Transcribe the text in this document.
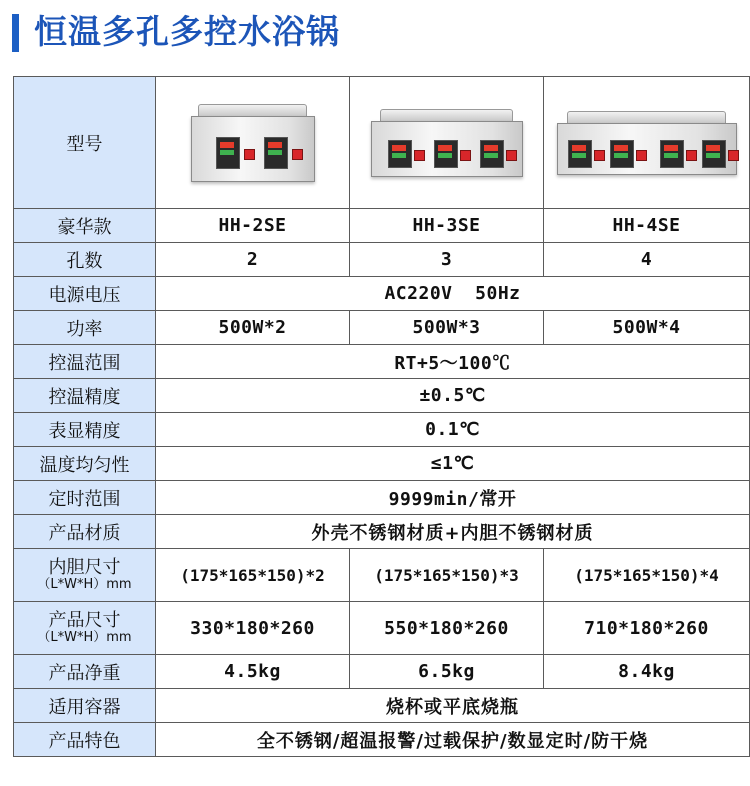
恒温多孔多控水浴锅
型号	

豪华款	HH-2SE	HH-3SE	HH-4SE
孔数	2	3	4
电源电压	AC220V  50Hz		
功率	500W*2	500W*3	500W*4
控温范围	RT+5～100℃		
控温精度	±0.5℃		
表显精度	0.1℃		
温度均匀性	≤1℃		
定时范围	9999min/常开		
产品材质	外壳不锈钢材质+内胆不锈钢材质		

内胆尺寸
（L*W*H）mm	(175*165*150)*2	(175*165*150)*3	(175*165*150)*4

产品尺寸
（L*W*H）mm	330*180*260	550*180*260	710*180*260
产品净重	4.5kg	6.5kg	8.4kg
适用容器	烧杯或平底烧瓶		
产品特色	全不锈钢/超温报警/过载保护/数显定时/防干烧		
